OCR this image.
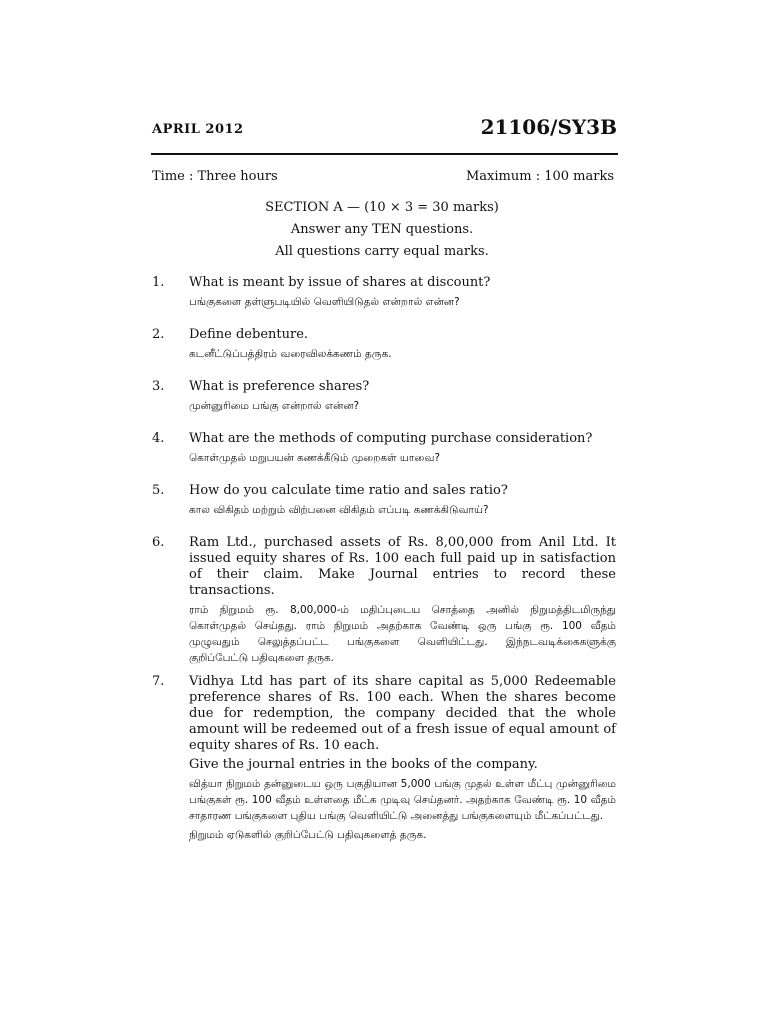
APRIL 2012	21106/SY3B
Time : Three hours	Maximum : 100 marks
SECTION A — (10 × 3 = 30 marks)
Answer any TEN questions.
All questions carry equal marks.
1. What is meant by issue of shares at discount?
பங்குகளை தள்ளுபடியில் வெளியிடுதல் என்றால் என்ன?
2. Define debenture.
கடனீட்டுப்பத்திரம் வரைவிலக்கணம் தருக.
3. What is preference shares?
முன்னுரிமை பங்கு என்றால் என்ன?
4. What are the methods of computing purchase consideration?
கொள்முதல் மறுபயன் கணக்கீடும் முறைகள் யாவை?
5. How do you calculate time ratio and sales ratio?
கால விகிதம் மற்றும் விற்பனை விகிதம் எப்படி கணக்கிடுவாய்?
6. Ram Ltd., purchased assets of Rs. 8,00,000 from Anil Ltd. It issued equity shares of Rs. 100 each full paid up in satisfaction of their claim. Make Journal entries to record these transactions.
ராம் நிறுமம் ரூ. 8,00,000-ம் மதிப்புடைய சொத்தை அனில் நிறுமத்திடமிருந்து கொள்முதல் செய்தது. ராம் நிறுமம் அதற்காக வேண்டி ஒரு பங்கு ரூ. 100 வீதம் முழுவதும் செலுத்தப்பட்ட பங்குகளை வெளியிட்டது. இந்நடவடிக்கைகளுக்கு குறிப்பேட்டு பதிவுகளை தருக.
7. Vidhya Ltd has part of its share capital as 5,000 Redeemable preference shares of Rs. 100 each. When the shares become due for redemption, the company decided that the whole amount will be redeemed out of a fresh issue of equal amount of equity shares of Rs. 10 each.
Give the journal entries in the books of the company.
வித்யா நிறுமம் தன்னுடைய ஒரு பகுதியான 5,000 பங்கு முதல் உள்ள மீட்பு முன்னுரிமை பங்குகள் ரூ. 100 வீதம் உள்ளதை மீட்க முடிவு செய்தனர். அதற்காக வேண்டி ரூ. 10 வீதம் சாதாரண பங்குகளை புதிய பங்கு வெளியிட்டு அனைத்து பங்குகளையும் மீட்கப்பட்டது.
நிறுமம் ஏடுகளில் குறிப்பேட்டு பதிவுகளைத் தருக.
